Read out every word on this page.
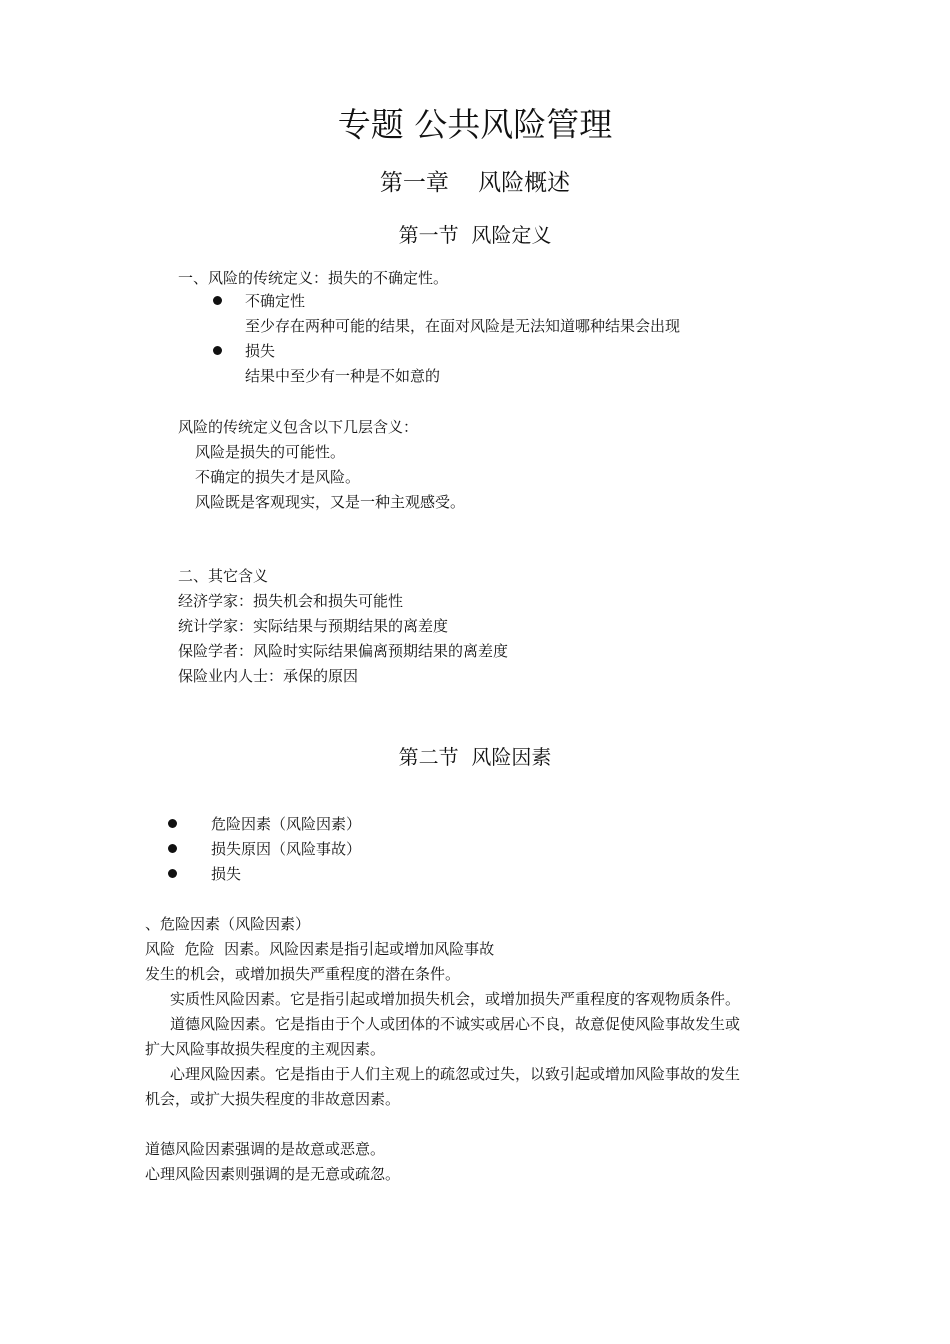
专题 公共风险管理
第一章    风险概述
第一节  风险定义

一、风险的传统定义：损失的不确定性。

不确定性

至少存在两种可能的结果，在面对风险是无法知道哪种结果会出现

损失

结果中至少有一种是不如意的

风险的传统定义包含以下几层含义：

风险是损失的可能性。

不确定的损失才是风险。

风险既是客观现实，又是一种主观感受。

二、其它含义

经济学家：损失机会和损失可能性

统计学家：实际结果与预期结果的离差度

保险学者：风险时实际结果偏离预期结果的离差度

保险业内人士：承保的原因

第二节  风险因素

危险因素（风险因素）

损失原因（风险事故）

损失

、危险因素（风险因素）

风险  危险  因素。风险因素是指引起或增加风险事故

发生的机会，或增加损失严重程度的潜在条件。

实质性风险因素。它是指引起或增加损失机会，或增加损失严重程度的客观物质条件。

道德风险因素。它是指由于个人或团体的不诚实或居心不良，故意促使风险事故发生或

扩大风险事故损失程度的主观因素。

心理风险因素。它是指由于人们主观上的疏忽或过失，以致引起或增加风险事故的发生

机会，或扩大损失程度的非故意因素。

道德风险因素强调的是故意或恶意。

心理风险因素则强调的是无意或疏忽。
